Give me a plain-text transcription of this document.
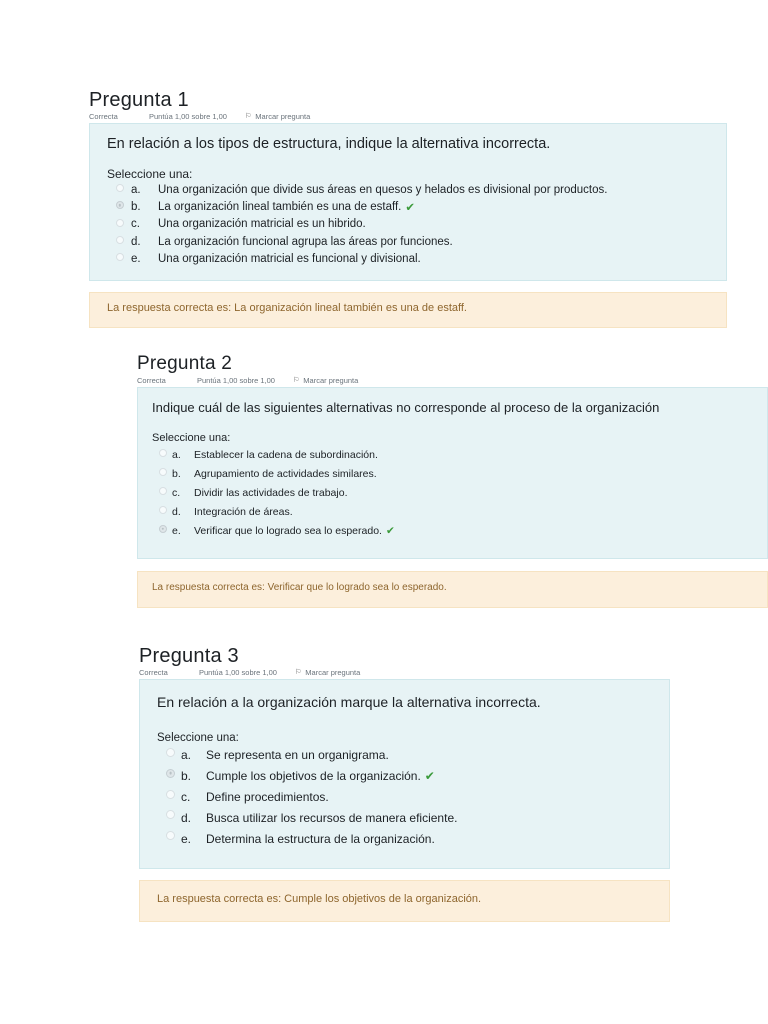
Pregunta 1
Correcta	Puntúa 1,00 sobre 1,00	⚐ Marcar pregunta
En relación a los tipos de estructura, indique la alternativa incorrecta.
Seleccione una:
a.	Una organización que divide sus áreas en quesos y helados es divisional por productos.
b.	La organización lineal también es una de estaff. ✔
c.	Una organización matricial es un hibrido.
d.	La organización funcional agrupa las áreas por funciones.
e.	Una organización matricial es funcional y divisional.
La respuesta correcta es: La organización lineal también es una de estaff.
Pregunta 2
Correcta	Puntúa 1,00 sobre 1,00	⚐ Marcar pregunta
Indique cuál de las siguientes alternativas no corresponde al proceso de la organización
Seleccione una:
a.	Establecer la cadena de subordinación.
b.	Agrupamiento de actividades similares.
c.	Dividir las actividades de trabajo.
d.	Integración de áreas.
e.	Verificar que lo logrado sea lo esperado. ✔
La respuesta correcta es: Verificar que lo logrado sea lo esperado.
Pregunta 3
Correcta	Puntúa 1,00 sobre 1,00	⚐ Marcar pregunta
En relación a la organización marque la alternativa incorrecta.
Seleccione una:
a.	Se representa en un organigrama.
b.	Cumple los objetivos de la organización. ✔
c.	Define procedimientos.
d.	Busca utilizar los recursos de manera eficiente.
e.	Determina la estructura de la organización.
La respuesta correcta es: Cumple los objetivos de la organización.
